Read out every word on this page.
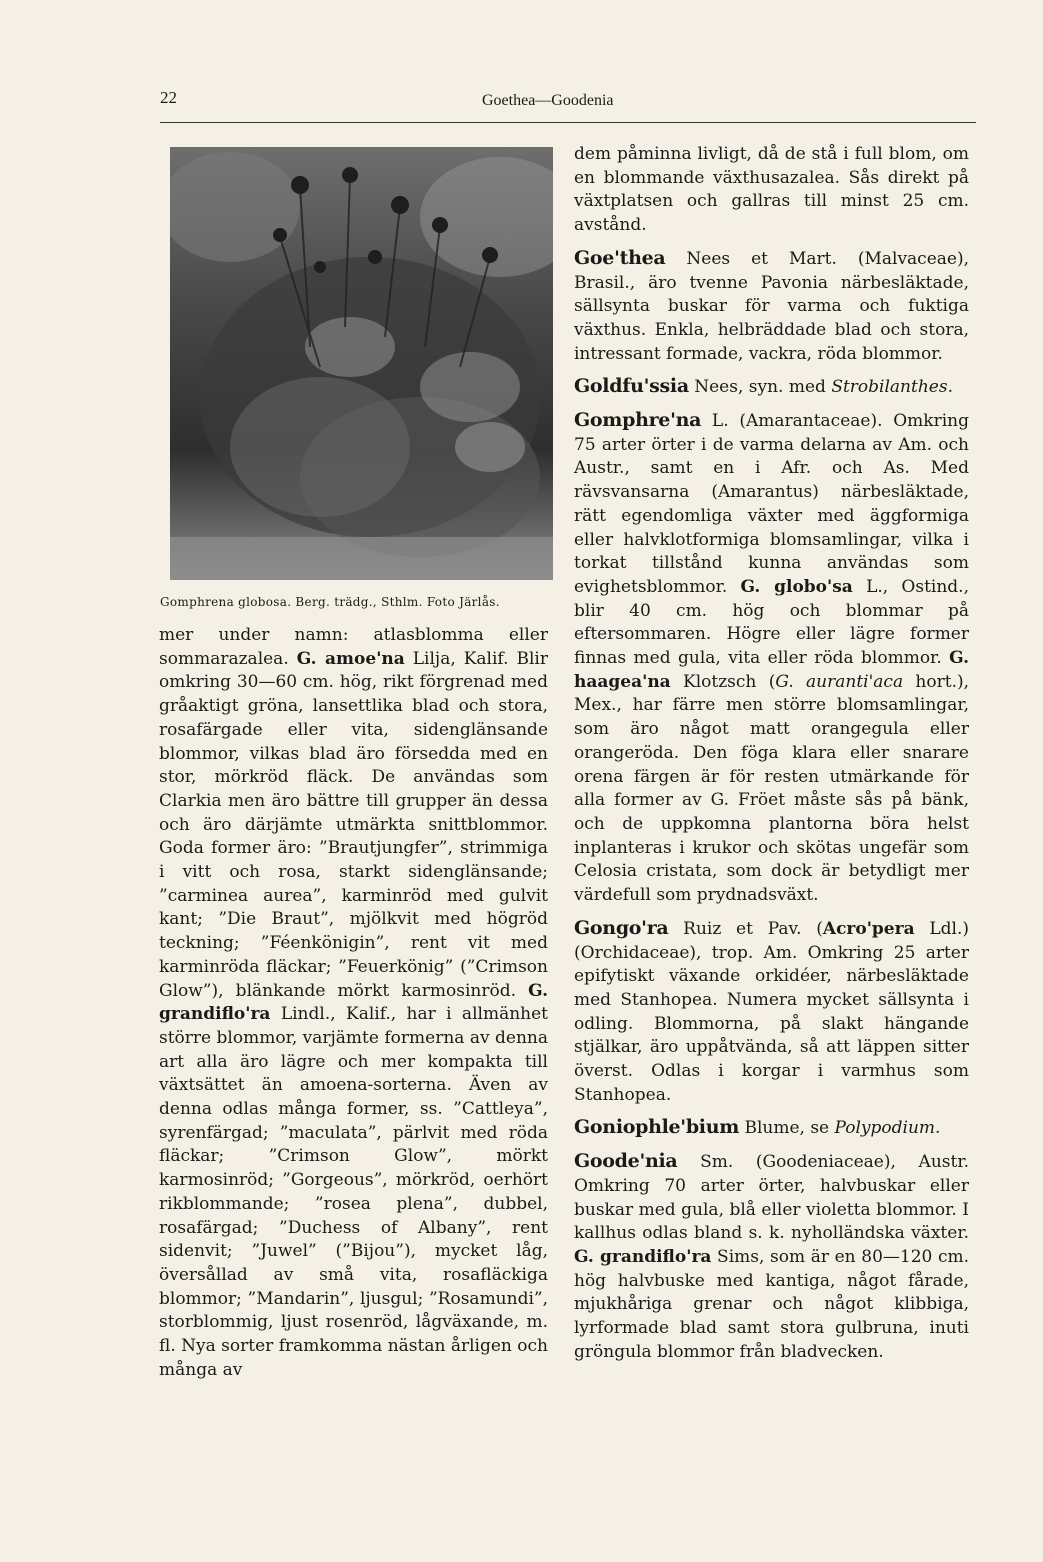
22	Goethea—Goodenia
Gomphrena globosa. Berg. trädg., Sthlm. Foto Järlås.

mer under namn: atlasblomma eller sommarazalea. G. amoe'na Lilja, Kalif. Blir omkring 30—60 cm. hög, rikt förgrenad med gråaktigt gröna, lansettlika blad och stora, rosafärgade eller vita, sidenglänsande blommor, vilkas blad äro försedda med en stor, mörkröd fläck. De användas som Clarkia men äro bättre till grupper än dessa och äro därjämte utmärkta snittblommor. Goda former äro: ”Brautjungfer”, strimmiga i vitt och rosa, starkt sidenglänsande; ”carminea aurea”, karminröd med gulvit kant; ”Die Braut”, mjölkvit med högröd teckning; ”Féenkönigin”, rent vit med karminröda fläckar; ”Feuerkönig” (”Crimson Glow”), blänkande mörkt karmosinröd. G. grandiflo'ra Lindl., Kalif., har i allmänhet större blommor, varjämte formerna av denna art alla äro lägre och mer kompakta till växtsättet än amoena-sorterna. Även av denna odlas många former, ss. ”Cattleya”, syrenfärgad; ”maculata”, pärlvit med röda fläckar; ”Crimson Glow”, mörkt karmosinröd; ”Gorgeous”, mörkröd, oerhört rikblommande; ”rosea plena”, dubbel, rosafärgad; ”Duchess of Albany”, rent sidenvit; ”Juwel” (”Bijou”), mycket låg, översållad av små vita, rosafläckiga blommor; ”Mandarin”, ljusgul; ”Rosamundi”, storblommig, ljust rosenröd, lågväxande, m. fl. Nya sorter framkomma nästan årligen och många av

dem påminna livligt, då de stå i full blom, om en blommande växthusazalea. Sås direkt på växtplatsen och gallras till minst 25 cm. avstånd.

Goe'thea Nees et Mart. (Malvaceae), Brasil., äro tvenne Pavonia närbesläktade, sällsynta buskar för varma och fuktiga växthus. Enkla, helbräddade blad och stora, intressant formade, vackra, röda blommor.

Goldfu'ssia Nees, syn. med Strobilanthes.

Gomphre'na L. (Amarantaceae). Omkring 75 arter örter i de varma delarna av Am. och Austr., samt en i Afr. och As. Med rävsvansarna (Amarantus) närbesläktade, rätt egendomliga växter med äggformiga eller halvklotformiga blomsamlingar, vilka i torkat tillstånd kunna användas som evighetsblommor. G. globo'sa L., Ostind., blir 40 cm. hög och blommar på eftersommaren. Högre eller lägre former finnas med gula, vita eller röda blommor. G. haagea'na Klotzsch (G. auranti'aca hort.), Mex., har färre men större blomsamlingar, som äro något matt orangegula eller orangeröda. Den föga klara eller snarare orena färgen är för resten utmärkande för alla former av G. Fröet måste sås på bänk, och de uppkomna plantorna böra helst inplanteras i krukor och skötas ungefär som Celosia cristata, som dock är betydligt mer värdefull som prydnadsväxt.

Gongo'ra Ruiz et Pav. (Acro'pera Ldl.) (Orchidaceae), trop. Am. Omkring 25 arter epifytiskt växande orkidéer, närbesläktade med Stanhopea. Numera mycket sällsynta i odling. Blommorna, på slakt hängande stjälkar, äro uppåtvända, så att läppen sitter överst. Odlas i korgar i varmhus som Stanhopea.

Goniophle'bium Blume, se Polypodium.

Goode'nia Sm. (Goodeniaceae), Austr. Omkring 70 arter örter, halvbuskar eller buskar med gula, blå eller violetta blommor. I kallhus odlas bland s. k. nyholländska växter. G. grandiflo'ra Sims, som är en 80—120 cm. hög halvbuske med kantiga, något fårade, mjukhåriga grenar och något klibbiga, lyrformade blad samt stora gulbruna, inuti gröngula blommor från bladvecken.
